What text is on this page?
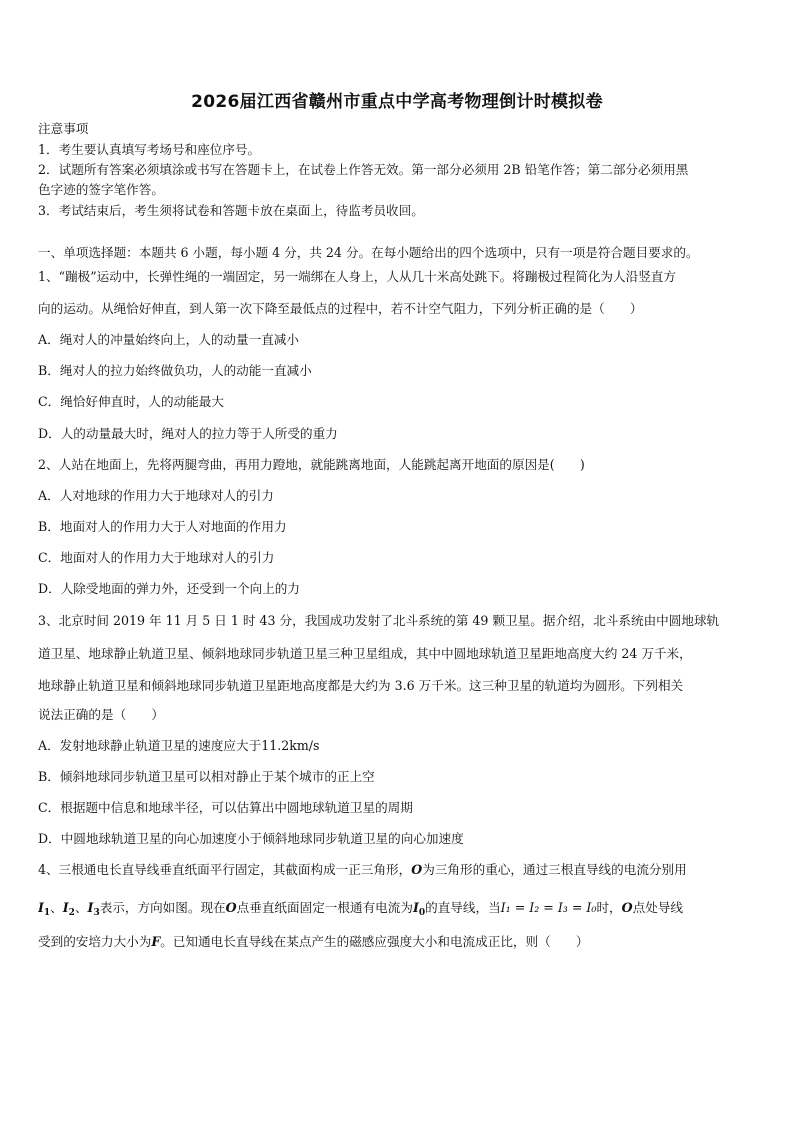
2026届江西省赣州市重点中学高考物理倒计时模拟卷
注意事项
1．考生要认真填写考场号和座位序号。
2．试题所有答案必须填涂或书写在答题卡上，在试卷上作答无效。第一部分必须用 2B 铅笔作答；第二部分必须用黑
色字迹的签字笔作答。
3．考试结束后，考生须将试卷和答题卡放在桌面上，待监考员收回。
一、单项选择题：本题共 6 小题，每小题 4 分，共 24 分。在每小题给出的四个选项中，只有一项是符合题目要求的。
1、“蹦极”运动中，长弹性绳的一端固定，另一端绑在人身上，人从几十米高处跳下。将蹦极过程简化为人沿竖直方
向的运动。从绳恰好伸直，到人第一次下降至最低点的过程中，若不计空气阻力，下列分析正确的是（　　）
A．绳对人的冲量始终向上，人的动量一直减小
B．绳对人的拉力始终做负功，人的动能一直减小
C．绳恰好伸直时，人的动能最大
D．人的动量最大时，绳对人的拉力等于人所受的重力
2、人站在地面上，先将两腿弯曲，再用力蹬地，就能跳离地面，人能跳起离开地面的原因是(　　)
A．人对地球的作用力大于地球对人的引力
B．地面对人的作用力大于人对地面的作用力
C．地面对人的作用力大于地球对人的引力
D．人除受地面的弹力外，还受到一个向上的力
3、北京时间 2019 年 11 月 5 日 1 时 43 分，我国成功发射了北斗系统的第 49 颗卫星。据介绍，北斗系统由中圆地球轨
道卫星、地球静止轨道卫星、倾斜地球同步轨道卫星三种卫星组成，其中中圆地球轨道卫星距地高度大约 24 万千米，
地球静止轨道卫星和倾斜地球同步轨道卫星距地高度都是大约为 3.6 万千米。这三种卫星的轨道均为圆形。下列相关
说法正确的是（　　）
A．发射地球静止轨道卫星的速度应大于11.2km/s
B．倾斜地球同步轨道卫星可以相对静止于某个城市的正上空
C．根据题中信息和地球半径，可以估算出中圆地球轨道卫星的周期
D．中圆地球轨道卫星的向心加速度小于倾斜地球同步轨道卫星的向心加速度
4、三根通电长直导线垂直纸面平行固定，其截面构成一正三角形，O为三角形的重心，通过三根直导线的电流分别用
$I_1$、$I_2$、$I_3$表示，方向如图。现在O点垂直纸面固定一根通有电流为$I_0$的直导线，当I₁ = I₂ = I₃ = I₀时，O点处导线
受到的安培力大小为F。已知通电长直导线在某点产生的磁感应强度大小和电流成正比，则（　　）
